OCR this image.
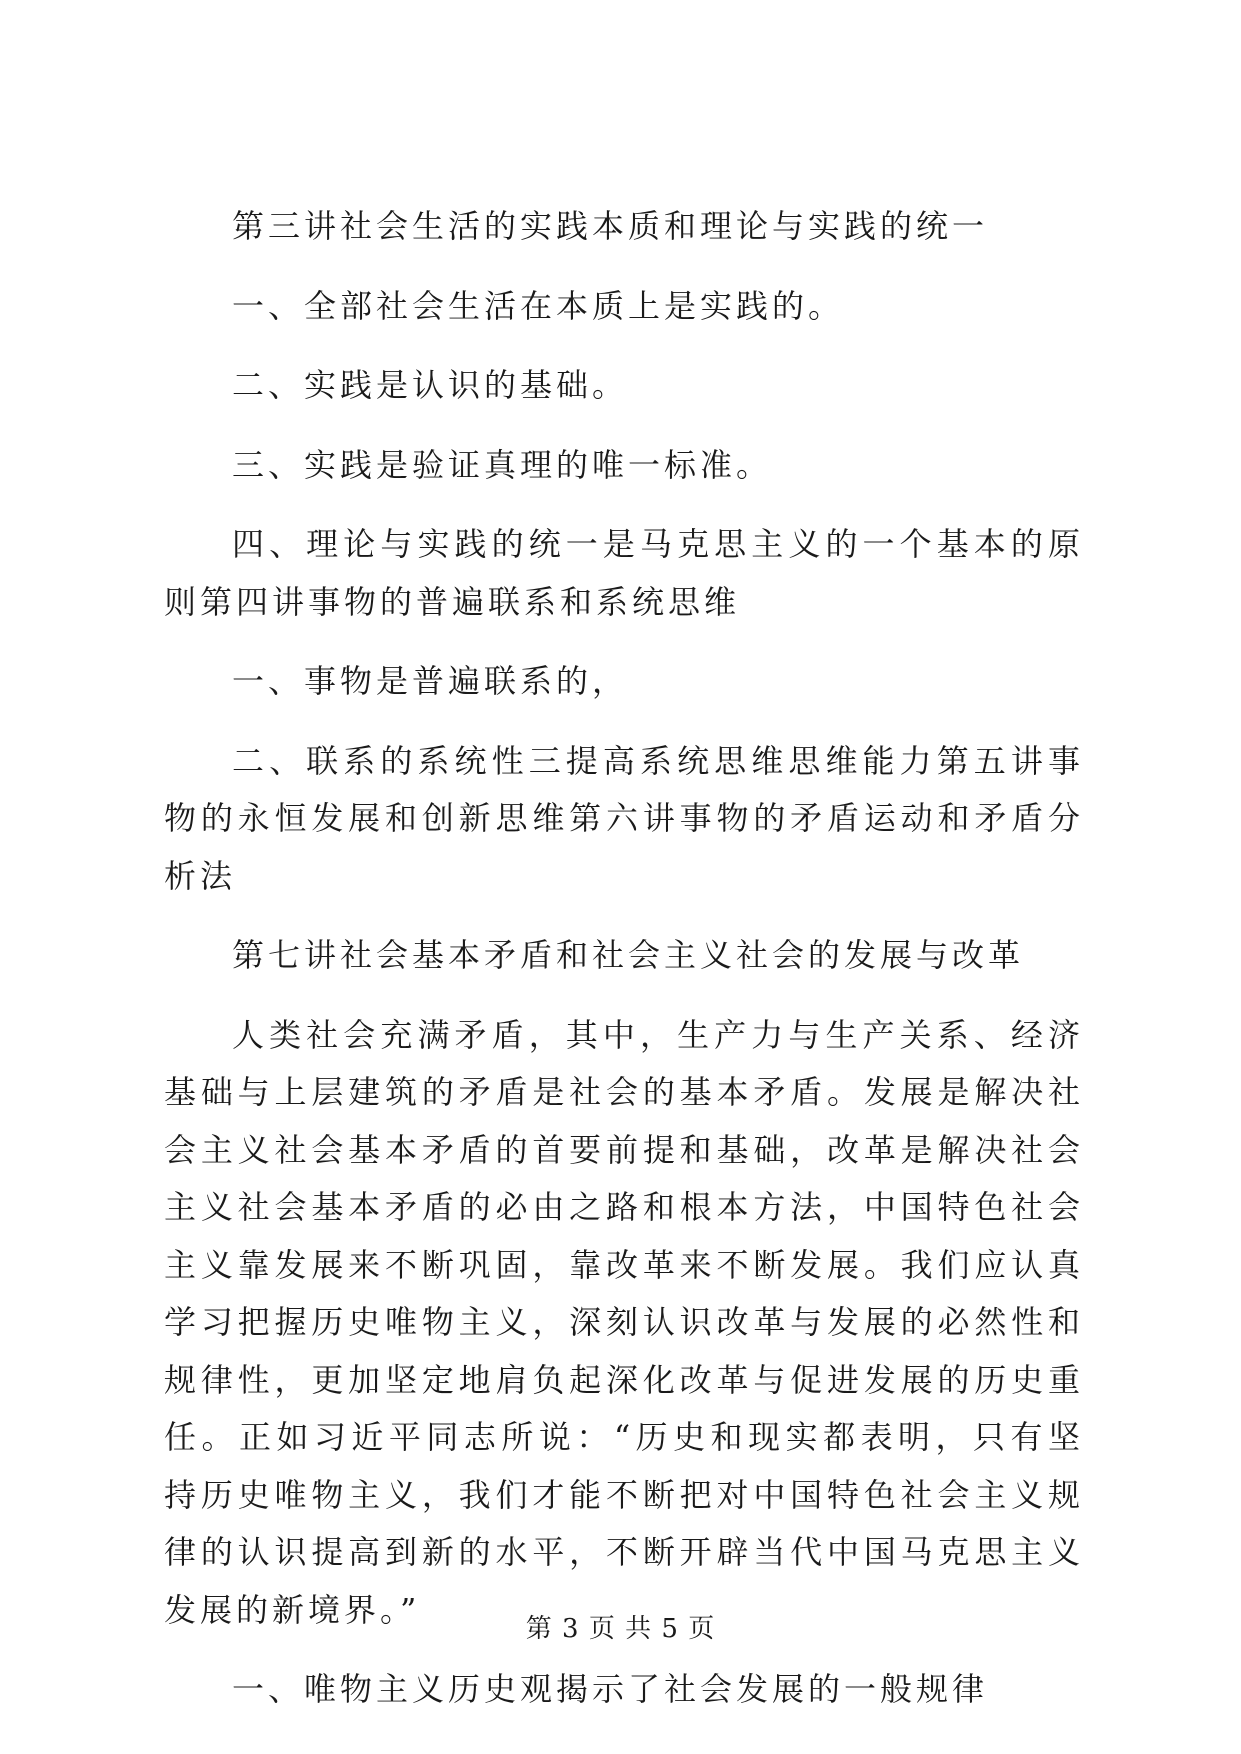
第三讲社会生活的实践本质和理论与实践的统一

一、全部社会生活在本质上是实践的。

二、实践是认识的基础。

三、实践是验证真理的唯一标准。

四、理论与实践的统一是马克思主义的一个基本的原则第四讲事物的普遍联系和系统思维

一、事物是普遍联系的，

二、联系的系统性三提高系统思维思维能力第五讲事物的永恒发展和创新思维第六讲事物的矛盾运动和矛盾分析法

第七讲社会基本矛盾和社会主义社会的发展与改革

人类社会充满矛盾，其中，生产力与生产关系、经济基础与上层建筑的矛盾是社会的基本矛盾。发展是解决社会主义社会基本矛盾的首要前提和基础，改革是解决社会主义社会基本矛盾的必由之路和根本方法，中国特色社会主义靠发展来不断巩固，靠改革来不断发展。我们应认真学习把握历史唯物主义，深刻认识改革与发展的必然性和规律性，更加坚定地肩负起深化改革与促进发展的历史重任。正如习近平同志所说：“历史和现实都表明，只有坚持历史唯物主义，我们才能不断把对中国特色社会主义规律的认识提高到新的水平，不断开辟当代中国马克思主义发展的新境界。”

一、唯物主义历史观揭示了社会发展的一般规律

第 3 页 共 5 页
